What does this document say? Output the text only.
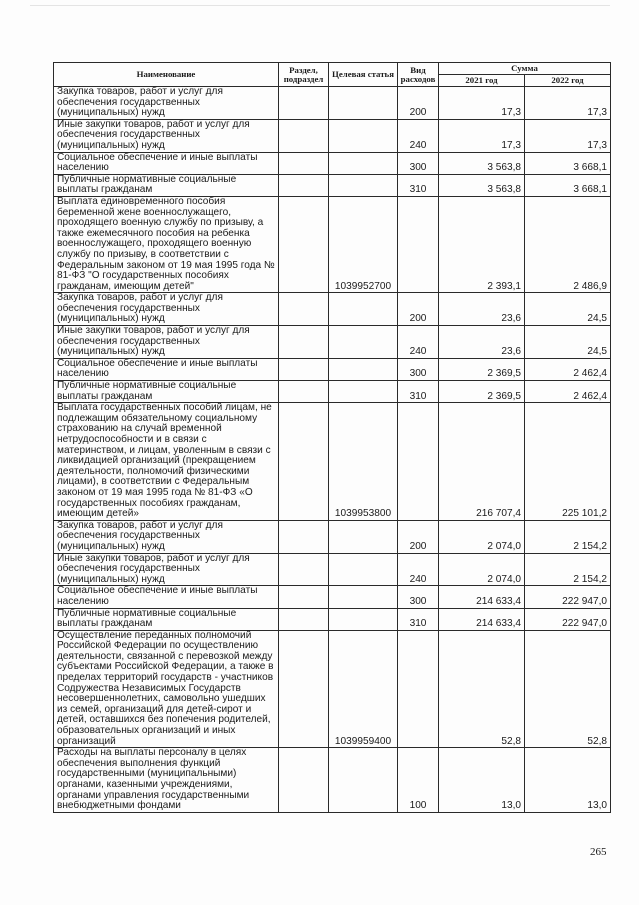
Наименование	Раздел, подраздел	Целевая статья	Вид расходов	Сумма	
				2021 год	2022 год
Закупка товаров, работ и услуг для обеспечения государственных (муниципальных) нужд			200	17,3	17,3
Иные закупки товаров, работ и услуг для обеспечения государственных (муниципальных) нужд			240	17,3	17,3
Социальное обеспечение и иные выплаты населению			300	3 563,8	3 668,1
Публичные нормативные социальные выплаты гражданам			310	3 563,8	3 668,1
Выплата единовременного пособия беременной жене военнослужащего, проходящего военную службу по призыву, а также ежемесячного пособия на ребенка военнослужащего, проходящего военную службу по призыву, в соответствии с Федеральным законом от 19 мая 1995 года № 81-ФЗ "О государственных пособиях гражданам, имеющим детей"		1039952700		2 393,1	2 486,9
Закупка товаров, работ и услуг для обеспечения государственных (муниципальных) нужд			200	23,6	24,5
Иные закупки товаров, работ и услуг для обеспечения государственных (муниципальных) нужд			240	23,6	24,5
Социальное обеспечение и иные выплаты населению			300	2 369,5	2 462,4
Публичные нормативные социальные выплаты гражданам			310	2 369,5	2 462,4
Выплата государственных пособий лицам, не подлежащим обязательному социальному страхованию на случай временной нетрудоспособности и в связи с материнством, и лицам, уволенным в связи с ликвидацией организаций (прекращением деятельности, полномочий физическими лицами), в соответствии с Федеральным законом от 19 мая 1995 года № 81-ФЗ «О государственных пособиях гражданам, имеющим детей»		1039953800		216 707,4	225 101,2
Закупка товаров, работ и услуг для обеспечения государственных (муниципальных) нужд			200	2 074,0	2 154,2
Иные закупки товаров, работ и услуг для обеспечения государственных (муниципальных) нужд			240	2 074,0	2 154,2
Социальное обеспечение и иные выплаты населению			300	214 633,4	222 947,0
Публичные нормативные социальные выплаты гражданам			310	214 633,4	222 947,0
Осуществление переданных полномочий Российской Федерации по осуществлению деятельности, связанной с перевозкой между субъектами Российской Федерации, а также в пределах территорий государств - участников Содружества Независимых Государств несовершеннолетних, самовольно ушедших из семей, организаций для детей-сирот и детей, оставшихся без попечения родителей, образовательных организаций и иных организаций		1039959400		52,8	52,8
Расходы на выплаты персоналу в целях обеспечения выполнения функций государственными (муниципальными) органами, казенными учреждениями, органами управления государственными внебюджетными фондами			100	13,0	13,0
265
